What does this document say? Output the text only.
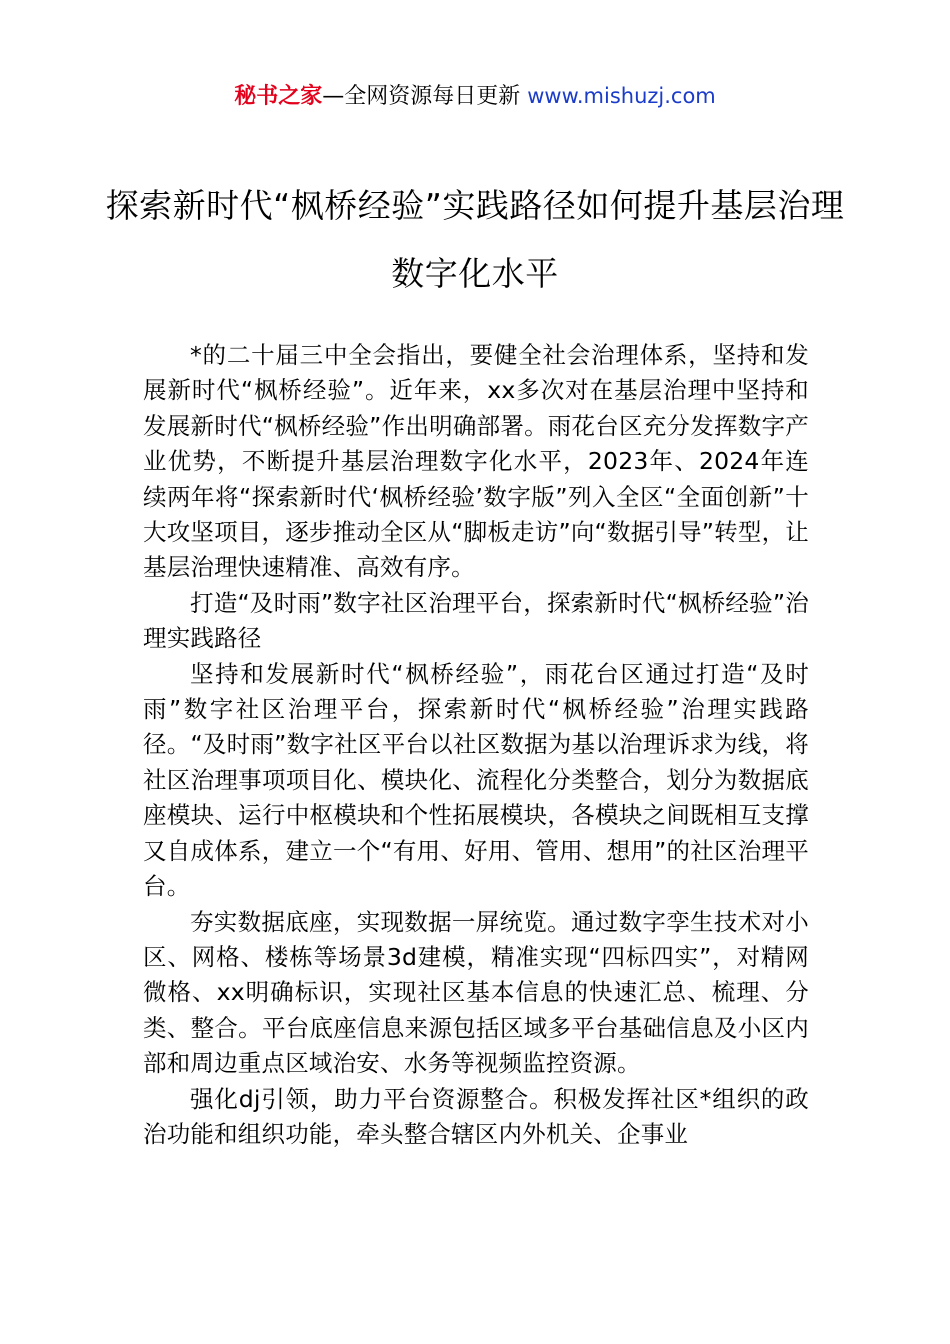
秘书之家—全网资源每日更新 www.mishuzj.com
探索新时代“枫桥经验”实践路径如何提升基层治理数字化水平

*的二十届三中全会指出，要健全社会治理体系，坚持和发展新时代“枫桥经验”。近年来，xx多次对在基层治理中坚持和发展新时代“枫桥经验”作出明确部署。雨花台区充分发挥数字产业优势，不断提升基层治理数字化水平，2023年、2024年连续两年将“探索新时代‘枫桥经验’数字版”列入全区“全面创新”十大攻坚项目，逐步推动全区从“脚板走访”向“数据引导”转型，让基层治理快速精准、高效有序。

打造“及时雨”数字社区治理平台，探索新时代“枫桥经验”治理实践路径

坚持和发展新时代“枫桥经验”，雨花台区通过打造“及时雨”数字社区治理平台，探索新时代“枫桥经验”治理实践路径。“及时雨”数字社区平台以社区数据为基以治理诉求为线，将社区治理事项项目化、模块化、流程化分类整合，划分为数据底座模块、运行中枢模块和个性拓展模块，各模块之间既相互支撑又自成体系，建立一个“有用、好用、管用、想用”的社区治理平台。

夯实数据底座，实现数据一屏统览。通过数字孪生技术对小区、网格、楼栋等场景3d建模，精准实现“四标四实”，对精网微格、xx明确标识，实现社区基本信息的快速汇总、梳理、分类、整合。平台底座信息来源包括区域多平台基础信息及小区内部和周边重点区域治安、水务等视频监控资源。

强化dj引领，助力平台资源整合。积极发挥社区*组织的政治功能和组织功能，牵头整合辖区内外机关、企事业
